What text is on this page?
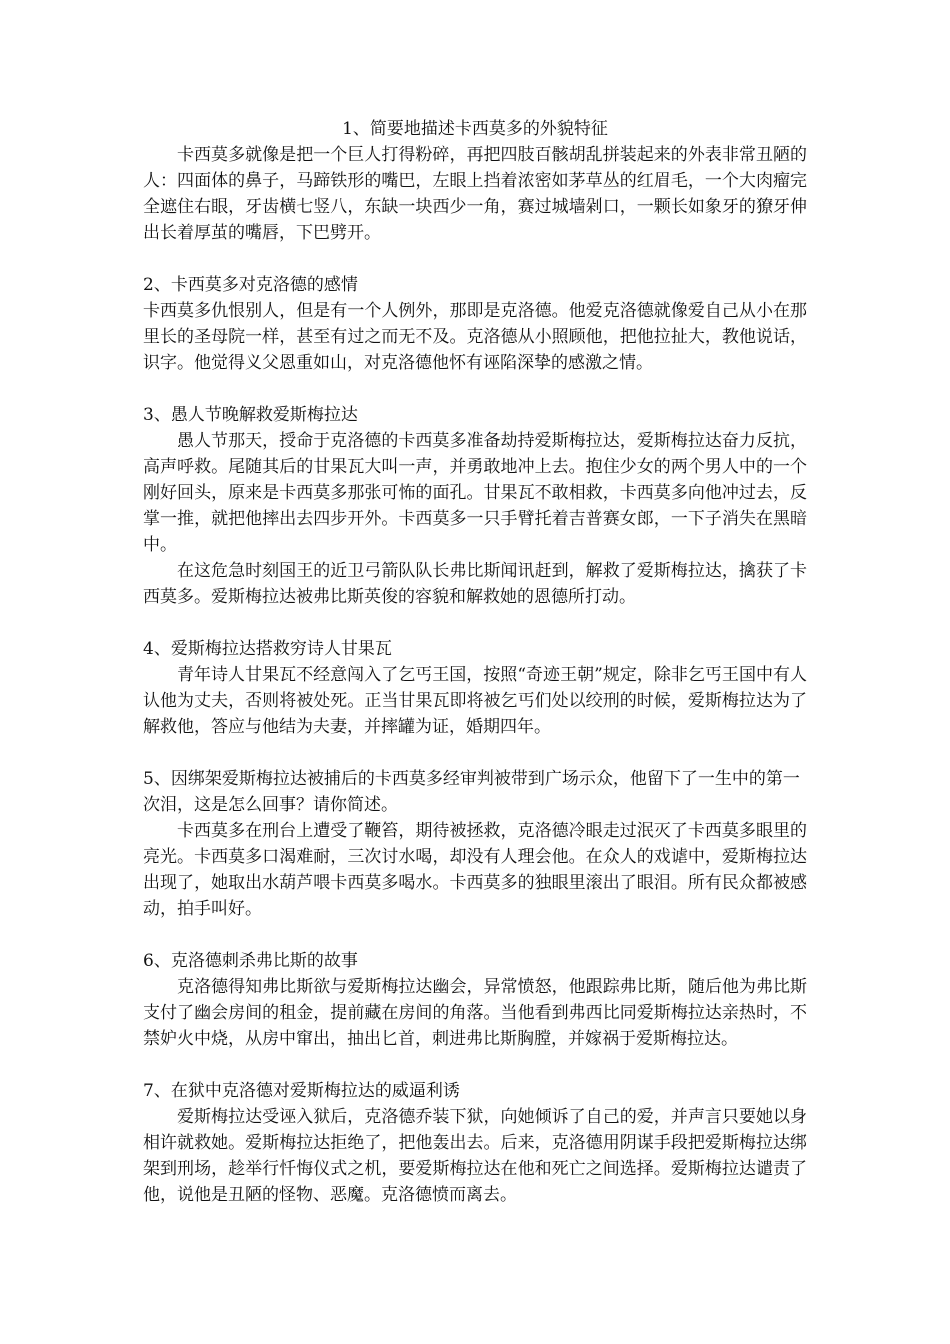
1、简要地描述卡西莫多的外貌特征

卡西莫多就像是把一个巨人打得粉碎，再把四肢百骸胡乱拼装起来的外表非常丑陋的人：四面体的鼻子，马蹄铁形的嘴巴，左眼上挡着浓密如茅草丛的红眉毛，一个大肉瘤完全遮住右眼，牙齿横七竖八，东缺一块西少一角，赛过城墙剁口，一颗长如象牙的獠牙伸出长着厚茧的嘴唇，下巴劈开。

2、卡西莫多对克洛德的感情

卡西莫多仇恨别人，但是有一个人例外，那即是克洛德。他爱克洛德就像爱自己从小在那里长的圣母院一样，甚至有过之而无不及。克洛德从小照顾他，把他拉扯大，教他说话，识字。他觉得义父恩重如山，对克洛德他怀有诬陷深挚的感激之情。

3、愚人节晚解救爱斯梅拉达

愚人节那天，授命于克洛德的卡西莫多准备劫持爱斯梅拉达，爱斯梅拉达奋力反抗，高声呼救。尾随其后的甘果瓦大叫一声，并勇敢地冲上去。抱住少女的两个男人中的一个刚好回头，原来是卡西莫多那张可怖的面孔。甘果瓦不敢相救，卡西莫多向他冲过去，反掌一推，就把他摔出去四步开外。卡西莫多一只手臂托着吉普赛女郎，一下子消失在黑暗中。

在这危急时刻国王的近卫弓箭队队长弗比斯闻讯赶到，解救了爱斯梅拉达，擒获了卡西莫多。爱斯梅拉达被弗比斯英俊的容貌和解救她的恩德所打动。

4、爱斯梅拉达搭救穷诗人甘果瓦

青年诗人甘果瓦不经意闯入了乞丐王国，按照“奇迹王朝”规定，除非乞丐王国中有人认他为丈夫，否则将被处死。正当甘果瓦即将被乞丐们处以绞刑的时候，爱斯梅拉达为了解救他，答应与他结为夫妻，并摔罐为证，婚期四年。

5、因绑架爱斯梅拉达被捕后的卡西莫多经审判被带到广场示众，他留下了一生中的第一次泪，这是怎么回事？请你简述。

卡西莫多在刑台上遭受了鞭笞，期待被拯救，克洛德冷眼走过泯灭了卡西莫多眼里的亮光。卡西莫多口渴难耐，三次讨水喝，却没有人理会他。在众人的戏谑中，爱斯梅拉达出现了，她取出水葫芦喂卡西莫多喝水。卡西莫多的独眼里滚出了眼泪。所有民众都被感动，拍手叫好。

6、克洛德刺杀弗比斯的故事

克洛德得知弗比斯欲与爱斯梅拉达幽会，异常愤怒，他跟踪弗比斯，随后他为弗比斯支付了幽会房间的租金，提前藏在房间的角落。当他看到弗西比同爱斯梅拉达亲热时，不禁妒火中烧，从房中窜出，抽出匕首，刺进弗比斯胸膛，并嫁祸于爱斯梅拉达。

7、在狱中克洛德对爱斯梅拉达的威逼利诱

爱斯梅拉达受诬入狱后，克洛德乔装下狱，向她倾诉了自己的爱，并声言只要她以身相许就救她。爱斯梅拉达拒绝了，把他轰出去。后来，克洛德用阴谋手段把爱斯梅拉达绑架到刑场，趁举行忏悔仪式之机，要爱斯梅拉达在他和死亡之间选择。爱斯梅拉达谴责了他，说他是丑陋的怪物、恶魔。克洛德愤而离去。
